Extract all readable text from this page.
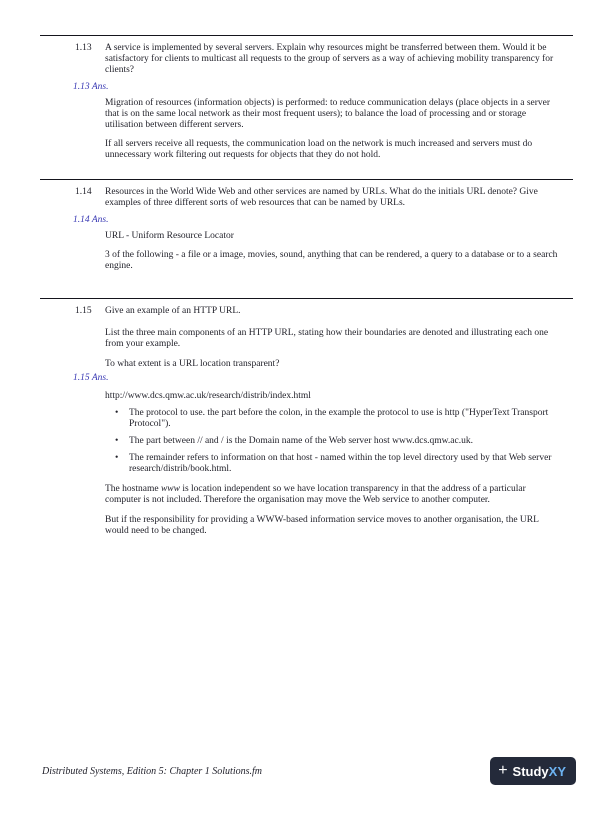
1.13	A service is implemented by several servers. Explain why resources might be transferred between them. Would it be satisfactory for clients to multicast all requests to the group of servers as a way of achieving mobility transparency for clients?
1.13 Ans.
Migration of resources (information objects) is performed: to reduce communication delays (place objects in a server that is on the same local network as their most frequent users); to balance the load of processing and or storage utilisation between different servers.
If all servers receive all requests, the communication load on the network is much increased and servers must do unnecessary work filtering out requests for objects that they do not hold.
1.14	Resources in the World Wide Web and other services are named by URLs. What do the initials URL denote? Give examples of three different sorts of web resources that can be named by URLs.
1.14 Ans.
URL - Uniform Resource Locator
3 of the following - a file or a image, movies, sound, anything that can be rendered, a query to a database or to a search engine.
1.15	Give an example of an HTTP URL.
List the three main components of an HTTP URL, stating how their boundaries are denoted and illustrating each one from your example.
To what extent is a URL location transparent?
1.15 Ans.
http://www.dcs.qmw.ac.uk/research/distrib/index.html
•	The protocol to use. the part before the colon, in the example the protocol to use is http ("HyperText Transport Protocol").
•	The part between // and / is the Domain name of the Web server host www.dcs.qmw.ac.uk.
•	The remainder refers to information on that host - named within the top level directory used by that Web server research/distrib/book.html.
The hostname www is location independent so we have location transparency in that the address of a particular computer is not included. Therefore the organisation may move the Web service to another computer.
But if the responsibility for providing a WWW-based information service moves to another organisation, the URL would need to be changed.
Distributed Systems, Edition 5: Chapter 1 Solutions.fm	+ Study XY
